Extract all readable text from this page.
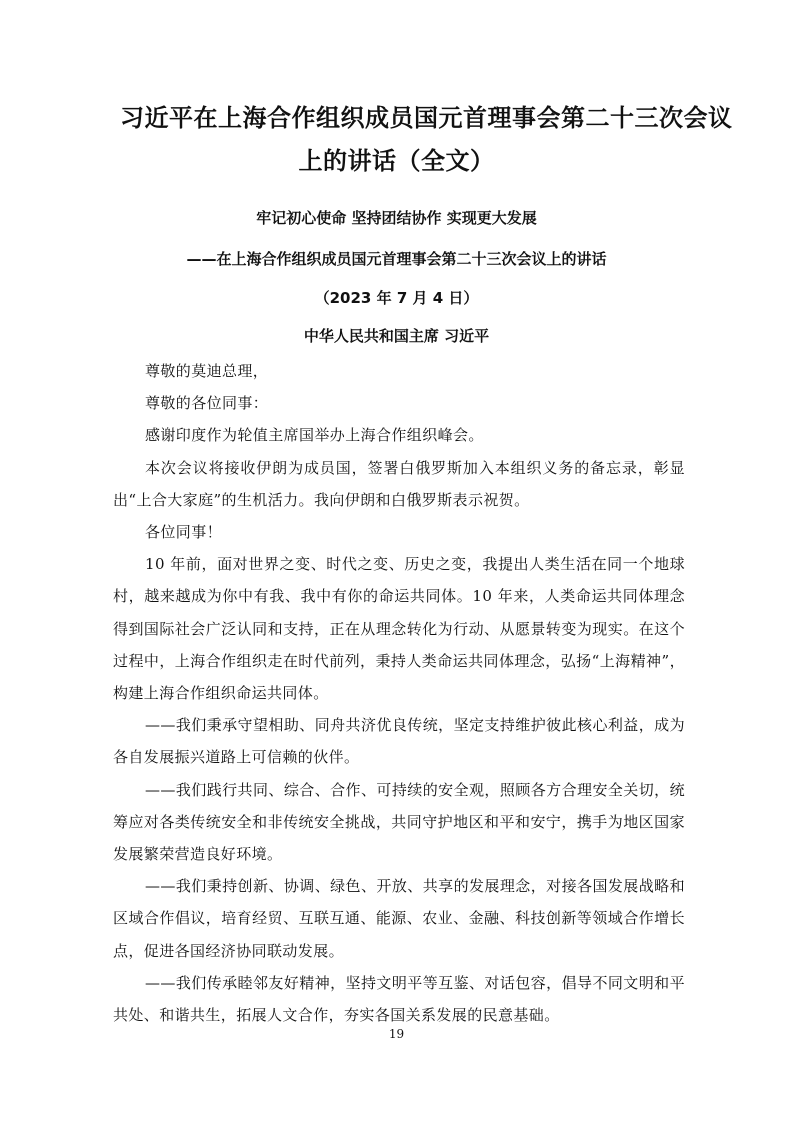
习近平在上海合作组织成员国元首理事会第二十三次会议
上的讲话（全文）
牢记初心使命 坚持团结协作 实现更大发展
——在上海合作组织成员国元首理事会第二十三次会议上的讲话
（2023 年 7 月 4 日）
中华人民共和国主席 习近平

尊敬的莫迪总理，

尊敬的各位同事：

感谢印度作为轮值主席国举办上海合作组织峰会。

本次会议将接收伊朗为成员国，签署白俄罗斯加入本组织义务的备忘录，彰显出“上合大家庭”的生机活力。我向伊朗和白俄罗斯表示祝贺。

各位同事！

10 年前，面对世界之变、时代之变、历史之变，我提出人类生活在同一个地球村，越来越成为你中有我、我中有你的命运共同体。10 年来，人类命运共同体理念得到国际社会广泛认同和支持，正在从理念转化为行动、从愿景转变为现实。在这个过程中，上海合作组织走在时代前列，秉持人类命运共同体理念，弘扬“上海精神”，构建上海合作组织命运共同体。

——我们秉承守望相助、同舟共济优良传统，坚定支持维护彼此核心利益，成为各自发展振兴道路上可信赖的伙伴。

——我们践行共同、综合、合作、可持续的安全观，照顾各方合理安全关切，统筹应对各类传统安全和非传统安全挑战，共同守护地区和平和安宁，携手为地区国家发展繁荣营造良好环境。

——我们秉持创新、协调、绿色、开放、共享的发展理念，对接各国发展战略和区域合作倡议，培育经贸、互联互通、能源、农业、金融、科技创新等领域合作增长点，促进各国经济协同联动发展。

——我们传承睦邻友好精神，坚持文明平等互鉴、对话包容，倡导不同文明和平共处、和谐共生，拓展人文合作，夯实各国关系发展的民意基础。

19
